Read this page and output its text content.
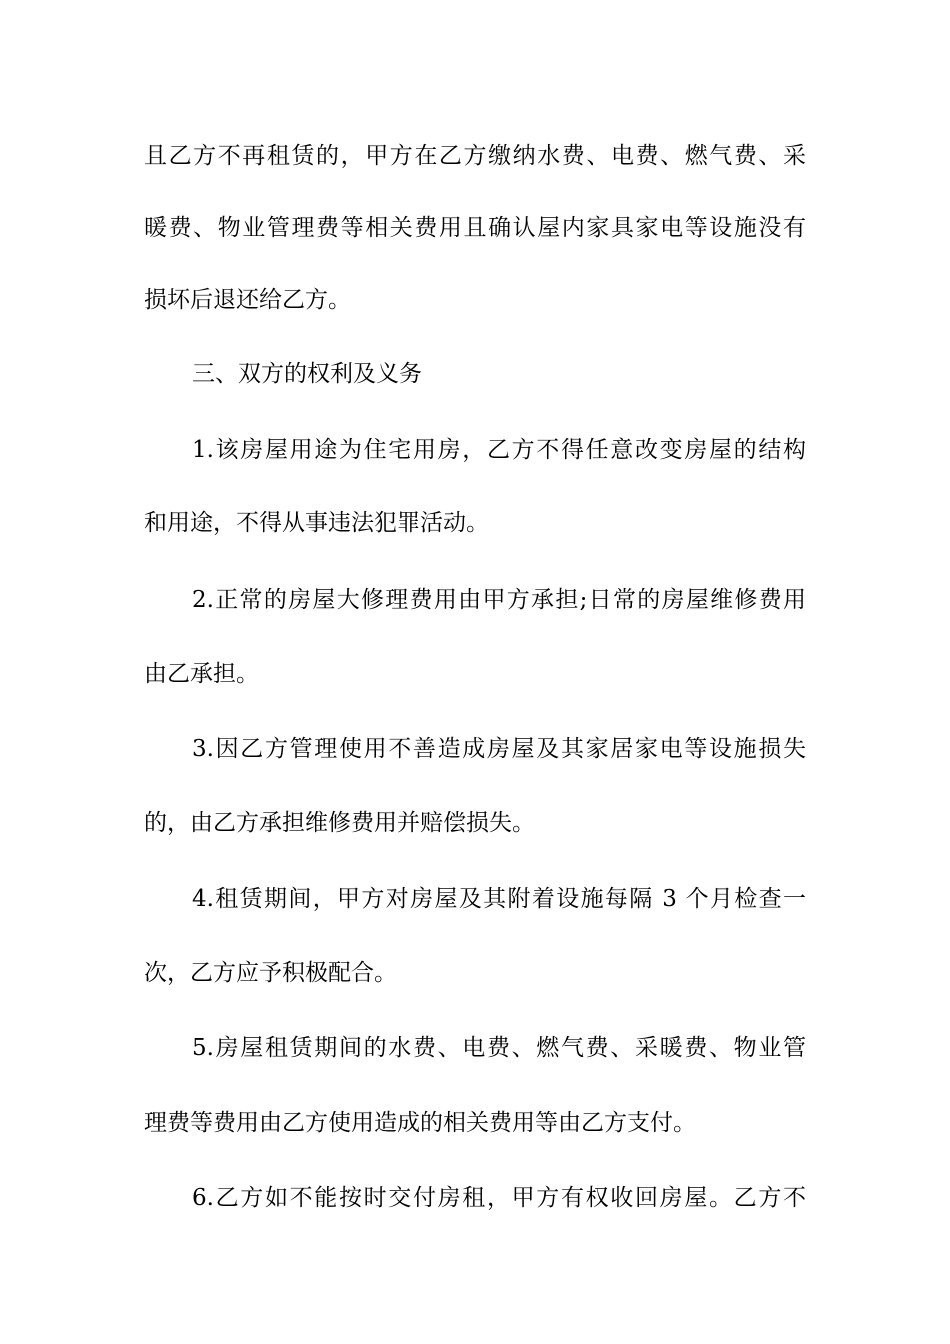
且乙方不再租赁的，甲方在乙方缴纳水费、电费、燃气费、采
暖费、物业管理费等相关费用且确认屋内家具家电等设施没有
损坏后退还给乙方。
三、双方的权利及义务
1.该房屋用途为住宅用房，乙方不得任意改变房屋的结构
和用途，不得从事违法犯罪活动。
2.正常的房屋大修理费用由甲方承担;日常的房屋维修费用
由乙承担。
3.因乙方管理使用不善造成房屋及其家居家电等设施损失
的，由乙方承担维修费用并赔偿损失。
4.租赁期间，甲方对房屋及其附着设施每隔 3 个月检查一
次，乙方应予积极配合。
5.房屋租赁期间的水费、电费、燃气费、采暖费、物业管
理费等费用由乙方使用造成的相关费用等由乙方支付。
6.乙方如不能按时交付房租，甲方有权收回房屋。乙方不
